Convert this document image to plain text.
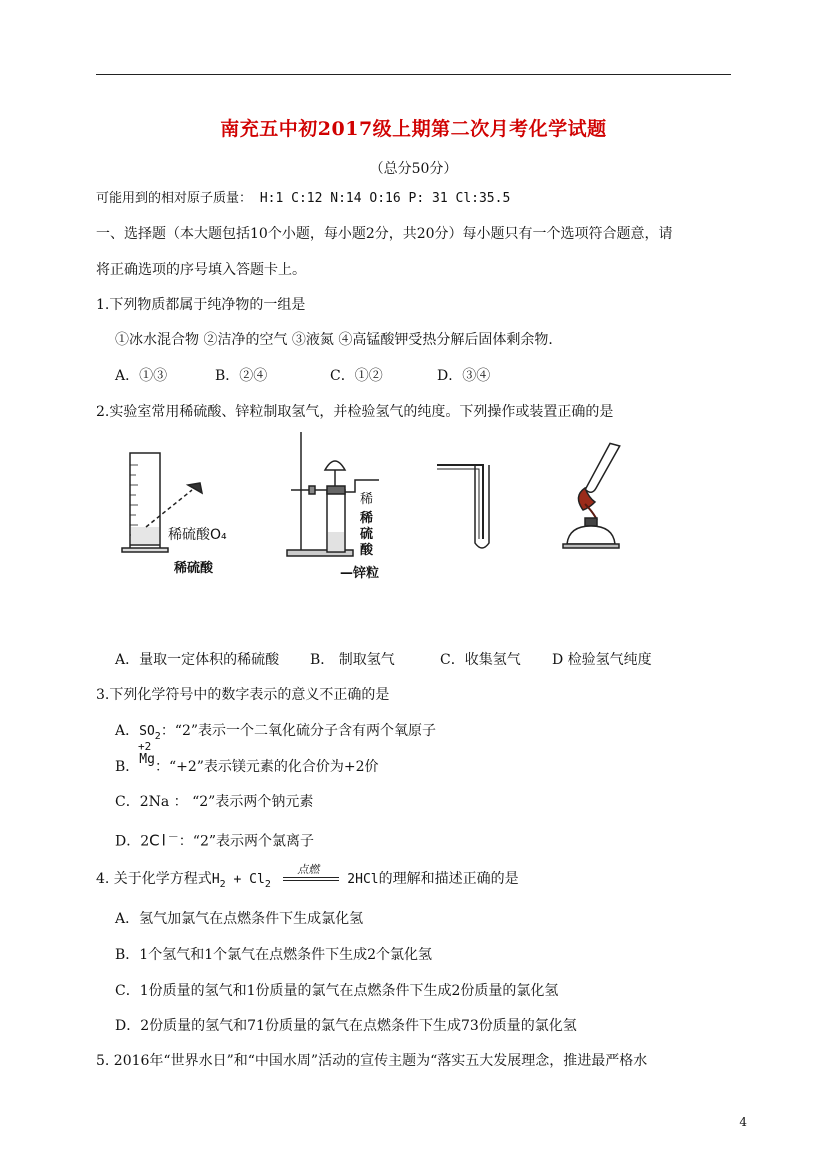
南充五中初2017级上期第二次月考化学试题
（总分50分）
可能用到的相对原子质量： H:1 C:12 N:14 O:16 P: 31 Cl:35.5
一、选择题（本大题包括10个小题，每小题2分，共20分）每小题只有一个选项符合题意，请
将正确选项的序号填入答题卡上。
1.下列物质都属于纯净物的一组是
①冰水混合物 ②洁净的空气 ③液氮 ④高锰酸钾受热分解后固体剩余物．
A．①③	B．②④	C．①②	D．③④
2.实验室常用稀硫酸、锌粒制取氢气，并检验氢气的纯度。下列操作或装置正确的是
稀硫酸O₄
稀硫酸
稀
稀
硫
酸
—锌粒
A．量取一定体积的稀硫酸 B． 制取氢气	C．收集氢气 D 检验氢气纯度
3.下列化学符号中的数字表示的意义不正确的是
A．$SO_2$：“2”表示一个二氧化硫分子含有两个氧原子
+2
B．Mg：“+2”表示镁元素的化合价为+2价
C．2Na ： “2”表示两个钠元素
D．2Cl－：“2”表示两个氯离子
4. 关于化学方程式$H_2 + Cl_2$
点燃
2HCl的理解和描述正确的是
A．氢气加氯气在点燃条件下生成氯化氢
B．1个氢气和1个氯气在点燃条件下生成2个氯化氢
C．1份质量的氢气和1份质量的氯气在点燃条件下生成2份质量的氯化氢
D．2份质量的氢气和71份质量的氯气在点燃条件下生成73份质量的氯化氢
5. 2016年“世界水日”和“中国水周”活动的宣传主题为“落实五大发展理念，推进最严格水
4
